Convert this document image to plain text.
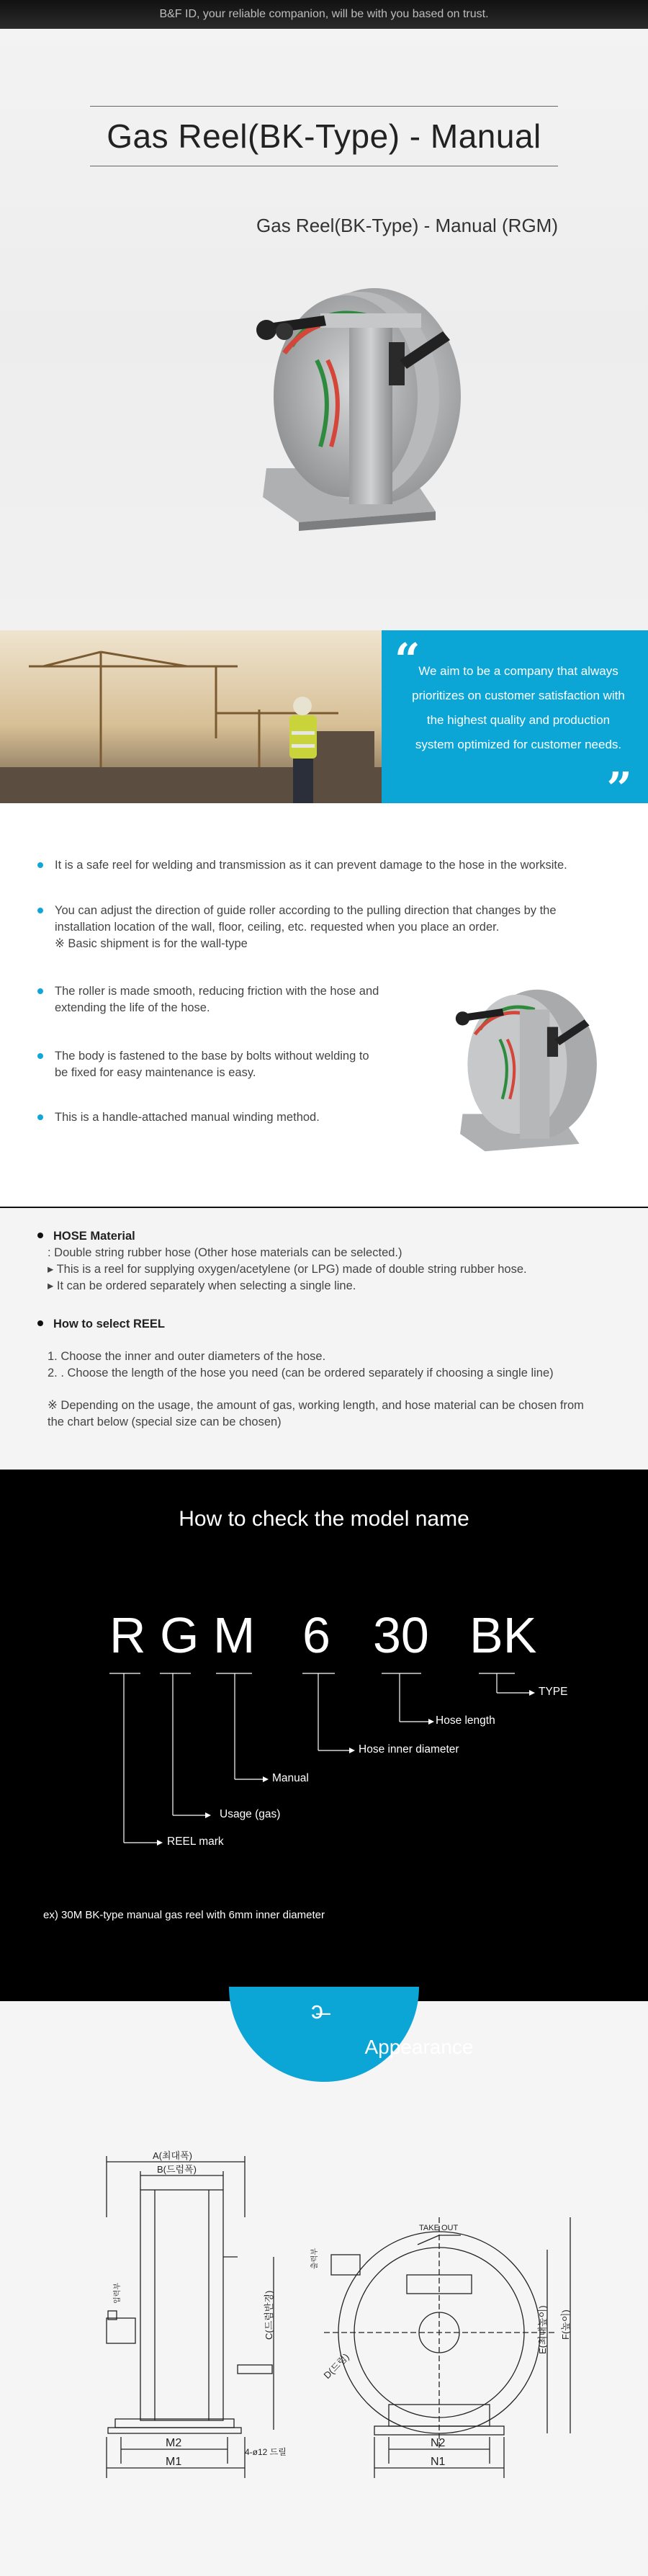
B&F ID, your reliable companion, will be with you based on trust.
Gas Reel(BK-Type) - Manual
Gas Reel(BK-Type) - Manual (RGM)
“

We aim to be a company that always prioritizes on customer satisfaction with the highest quality and production system optimized for customer needs.

”
It is a safe reel for welding and transmission as it can prevent damage to the hose in the worksite.
You can adjust the direction of guide roller according to the pulling direction that changes by the installation location of the wall, floor, ceiling, etc. requested when you place an order.
※ Basic shipment is for the wall-type
The roller is made smooth, reducing friction with the hose and extending the life of the hose.
The body is fastened to the base by bolts without welding to be fixed for easy maintenance is easy.
This is a handle-attached manual winding method.
HOSE Material
: Double string rubber hose (Other hose materials can be selected.)
▸ This is a reel for supplying oxygen/acetylene (or LPG) made of double string rubber hose.
▸ It can be ordered separately when selecting a single line.
How to select REEL
1. Choose the inner and outer diameters of the hose.
2. . Choose the length of the hose you need (can be ordered separately if choosing a single line)
※ Depending on the usage, the amount of gas, working length, and hose material can be chosen from the chart below (special size can be chosen)
How to check the model name
R G M 6 30 BK
TYPE
Hose length
Hose inner diameter
Manual
Usage (gas)
REEL mark
ex) 30M BK-type manual gas reel with 6mm inner diameter
ↄ̶
Appearance
A(최대폭)
B(드럼폭)
C(드럼반경)
D(드럼)
E(최대높이) F(높이)
M2
M1
N2
N1
4-ø12 드릴
TAKE OUT
입력부
출력부
